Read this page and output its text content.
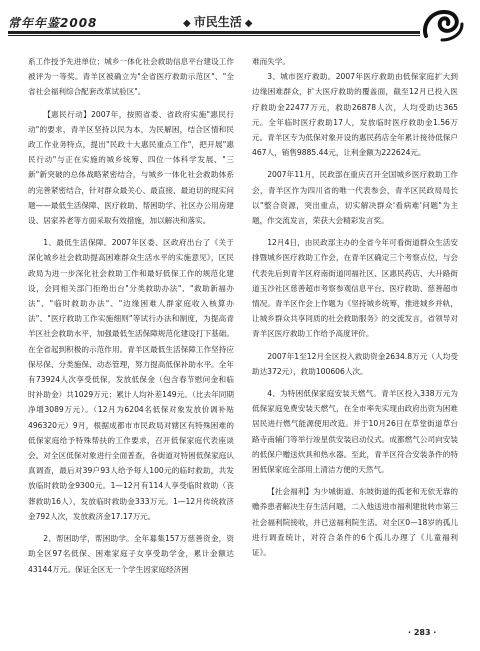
常年年鉴2008	◆ 市民生活 ◆

系工作授予先进单位；城乡一体化社会救助信息平台建设工作被评为一等奖。青羊区被确立为"全省医疗救助示范区"、"全省社会福利综合配套改革试验区"。

【惠民行动】2007年，按照省委、省政府实施"惠民行动"的要求，青羊区坚持以民为本，为民解困，结合区情和民政工作业务特点，提出"民政十大惠民重点工作"，把开展"惠民行动"与正在实施的城乡统筹、四位一体科学发展、"三新"新突破的总体战略紧密结合，与城乡一体化社会救助体系的完善紧密结合，针对群众最关心、最直接、最迫切的现实问题——最低生活保障、医疗救助、帮困助学、社区办公用房建设、居家养老等方面采取有效措施，加以解决和落实。

1、最低生活保障。2007年区委、区政府出台了《关于深化城乡社会救助提高困难群众生活水平的实施意见》，区民政局为进一步深化社会救助工作和最好低保工作的规范化建设，会同相关部门拒绝出台"分类救助办法"、"救助新福办法"、"临时救助办法"、"边缘困难人群家庭收入核算办法"、"医疗救助工作实施细则"等试行办法和制度，为提高青羊区社会救助水平，加强最低生活保障规范化建设打下基础。在全省起到积极的示范作用。青羊区最低生活保障工作坚持应保尽保、分类施保、动态管理，努力提高低保补助水平。全年有73924人次享受低保，发放低保金（包含春节慰问金和临时补助金）共1029万元；累计人均补差149元。（比去年同期净增3089万元）。（12月为6204名低保对象发放价调补贴496320元）9月，根据成都市市民政局对辖区有特殊困难的低保家庭给予特殊帮扶的工作要求，召开低保家庭代表座谈会。对全区低保对象进行全面普查，各街道对特困低保家庭认真调查，最后对39户93人给予每人100元的临时救助，共发放临时救助金9300元。1—12月有114人享受临时救助（丧葬救助16人），发放临时救助金333万元。1—12月传统救济金792人次，发放救济金17.17万元。

2、帮困助学，帮困助学。全年募集157万慈善资金，资助全区97名低保、困难家庭子女享受助学金，累计金额达43144万元。保证全区无一个学生因家庭经济困

难而失学。

3、城市医疗救助。2007年医疗救助由低保家庭扩大到边缘困难群众，扩大医疗救助的覆盖面，截至12月已投入医疗救助金22477万元，救助26878人次，人均受助达365元。全年临时医疗救助17人，发放临时医疗救助金1.56万元。青羊区专为低保对象开设的惠民药店全年累计接待低保户467人，销售9885.44元，让利金额为222624元。

2007年11月，民政部在重庆召开全国城乡医疗救助工作会，青羊区作为四川省的唯一代表参会，青羊区民政局局长以"整合资源，突出重点，切实解决群众'看病难'问题"为主题，作交流发言，荣获大会精彩发言奖。

12月4日，由民政部主办的全省今年可看街道群众生活安排暨城乡医疗救助工作会，在青羊区确定三个考察点位，与会代表先后到青羊区府南街道同福社区、区惠民药店、大升路街道玉沙社区慈善超市考察参观信息平台、医疗救助、慈善超市情况。青羊区作会上作题为《坚持城乡统筹，推进城乡并轨，让城乡群众共享同质的社会救助服务》的交流发言，省领导对青羊区医疗救助工作给予高度评价。

2007年1至12月全区投入救助资金2634.8万元（人均受助达372元），救助100606人次。

4、为特困低保家庭安装天燃气。青羊区投入338万元为低保家庭免费安装天燃气，在全市率先实现由政府出资为困难居民进行燃气能源使用改造。并于10月26日在草堂街道草台路寺南辅门等举行竣星供安装启动仪式。成都燃气公司向安装的低保户赠送炊具和热水器。至此，青羊区符合安装条件的特困低保家庭全部用上清洁方便的天然气。

【社会福利】为少城街道、东坡街道的孤老和无依无靠的赡养患者解决生存生活问题，二入他送进市福利建批转市第三社会福利院接收，并已送福利院生活。对全区0—18岁的孤儿进行调查统计，对符合条件的6个孤儿办理了《儿童福利证》。

· 283 ·
